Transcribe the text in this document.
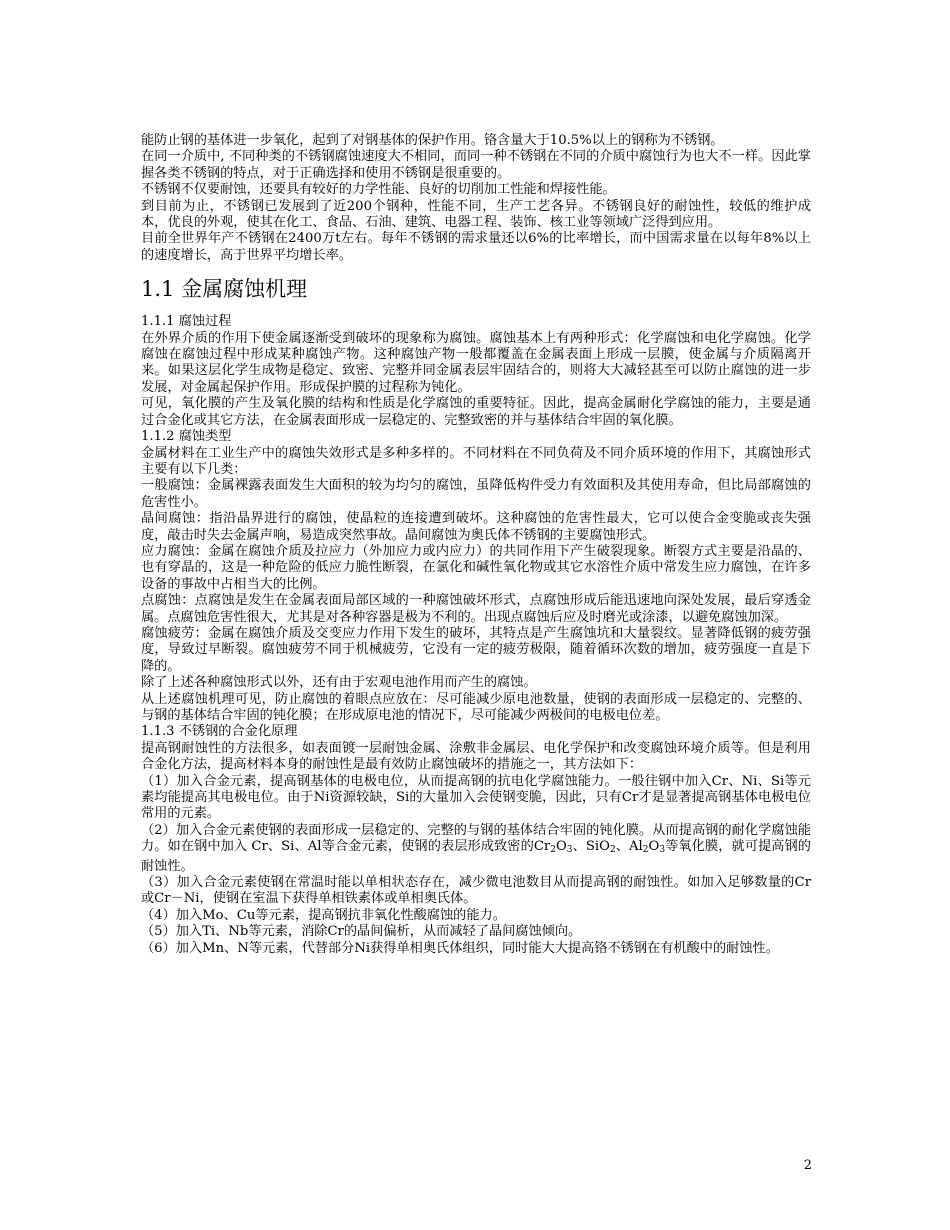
能防止钢的基体进一步氧化，起到了对钢基体的保护作用。铬含量大于10.5%以上的钢称为不锈钢。

在同一介质中, 不同种类的不锈钢腐蚀速度大不相同，而同一种不锈钢在不同的介质中腐蚀行为也大不一样。因此掌握各类不锈钢的特点，对于正确选择和使用不锈钢是很重要的。

不锈钢不仅要耐蚀，还要具有较好的力学性能、良好的切削加工性能和焊接性能。

到目前为止，不锈钢已发展到了近200个钢种，性能不同，生产工艺各异。不锈钢良好的耐蚀性，较低的维护成本，优良的外观，使其在化工、食品、石油、建筑、电器工程、装饰、核工业等领域广泛得到应用。

目前全世界年产不锈钢在2400万t左右。每年不锈钢的需求量还以6%的比率增长，而中国需求量在以每年8%以上的速度增长，高于世界平均增长率。

1.1 金属腐蚀机理
1.1.1 腐蚀过程

在外界介质的作用下使金属逐渐受到破坏的现象称为腐蚀。腐蚀基本上有两种形式：化学腐蚀和电化学腐蚀。化学腐蚀在腐蚀过程中形成某种腐蚀产物。这种腐蚀产物一般都覆盖在金属表面上形成一层膜，使金属与介质隔离开来。如果这层化学生成物是稳定、致密、完整并同金属表层牢固结合的，则将大大减轻甚至可以防止腐蚀的进一步发展，对金属起保护作用。形成保护膜的过程称为钝化。

可见，氧化膜的产生及氧化膜的结构和性质是化学腐蚀的重要特征。因此，提高金属耐化学腐蚀的能力，主要是通过合金化或其它方法，在金属表面形成一层稳定的、完整致密的并与基体结合牢固的氧化膜。

1.1.2 腐蚀类型

金属材料在工业生产中的腐蚀失效形式是多种多样的。不同材料在不同负荷及不同介质环境的作用下，其腐蚀形式主要有以下几类：

一般腐蚀：金属裸露表面发生大面积的较为均匀的腐蚀，虽降低构件受力有效面积及其使用寿命，但比局部腐蚀的危害性小。

晶间腐蚀：指沿晶界进行的腐蚀，使晶粒的连接遭到破坏。这种腐蚀的危害性最大，它可以使合金变脆或丧失强度，敲击时失去金属声响，易造成突然事故。晶间腐蚀为奥氏体不锈钢的主要腐蚀形式。

应力腐蚀：金属在腐蚀介质及拉应力（外加应力或内应力）的共同作用下产生破裂现象。断裂方式主要是沿晶的、也有穿晶的，这是一种危险的低应力脆性断裂，在氯化和碱性氧化物或其它水溶性介质中常发生应力腐蚀，在许多设备的事故中占相当大的比例。

点腐蚀：点腐蚀是发生在金属表面局部区域的一种腐蚀破坏形式，点腐蚀形成后能迅速地向深处发展，最后穿透金属。点腐蚀危害性很大，尤其是对各种容器是极为不利的。出现点腐蚀后应及时磨光或涂漆，以避免腐蚀加深。

腐蚀疲劳：金属在腐蚀介质及交变应力作用下发生的破坏，其特点是产生腐蚀坑和大量裂纹。显著降低钢的疲劳强度，导致过早断裂。腐蚀疲劳不同于机械疲劳，它没有一定的疲劳极限，随着循环次数的增加，疲劳强度一直是下降的。

除了上述各种腐蚀形式以外，还有由于宏观电池作用而产生的腐蚀。

从上述腐蚀机理可见，防止腐蚀的着眼点应放在：尽可能减少原电池数量，使钢的表面形成一层稳定的、完整的、与钢的基体结合牢固的钝化膜；在形成原电池的情况下，尽可能减少两极间的电极电位差。

1.1.3 不锈钢的合金化原理

提高钢耐蚀性的方法很多，如表面镀一层耐蚀金属、涂敷非金属层、电化学保护和改变腐蚀环境介质等。但是利用合金化方法，提高材料本身的耐蚀性是最有效防止腐蚀破坏的措施之一，其方法如下：

（1）加入合金元素，提高钢基体的电极电位，从而提高钢的抗电化学腐蚀能力。一般往钢中加入Cr、Ni、Si等元素均能提高其电极电位。由于Ni资源较缺，Si的大量加入会使钢变脆，因此，只有Cr才是显著提高钢基体电极电位常用的元素。

（2）加入合金元素使钢的表面形成一层稳定的、完整的与钢的基体结合牢固的钝化膜。从而提高钢的耐化学腐蚀能力。如在钢中加入 Cr、Si、Al等合金元素，使钢的表层形成致密的$Cr_2O_3$、SiO$_2$、$Al_2O_3$等氧化膜，就可提高钢的耐蚀性。

（3）加入合金元素使钢在常温时能以单相状态存在，减少微电池数目从而提高钢的耐蚀性。如加入足够数量的Cr或Cr－Ni，使钢在室温下获得单相铁素体或单相奥氏体。

（4）加入Mo、Cu等元素，提高钢抗非氧化性酸腐蚀的能力。

（5）加入Ti、Nb等元素，消除Cr的晶间偏析，从而减轻了晶间腐蚀倾向。

（6）加入Mn、N等元素，代替部分Ni获得单相奥氏体组织，同时能大大提高铬不锈钢在有机酸中的耐蚀性。

2
